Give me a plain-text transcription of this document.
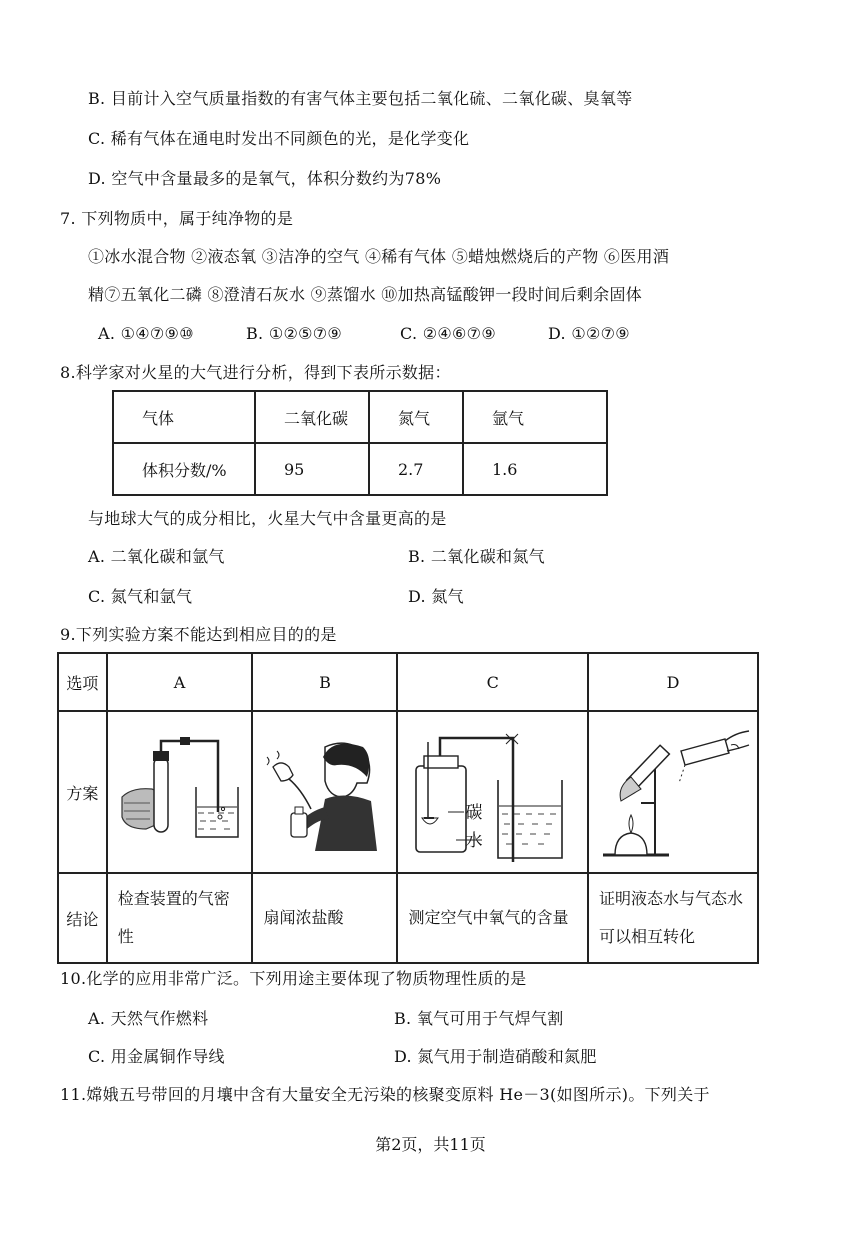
B. 目前计入空气质量指数的有害气体主要包括二氧化硫、二氧化碳、臭氧等
C. 稀有气体在通电时发出不同颜色的光，是化学变化
D. 空气中含量最多的是氧气，体积分数约为78%
7. 下列物质中，属于纯净物的是
①冰水混合物 ②液态氧 ③洁净的空气 ④稀有气体 ⑤蜡烛燃烧后的产物 ⑥医用酒
精⑦五氧化二磷 ⑧澄清石灰水 ⑨蒸馏水 ⑩加热高锰酸钾一段时间后剩余固体
A. ①④⑦⑨⑩	B. ①②⑤⑦⑨	C. ②④⑥⑦⑨	D. ①②⑦⑨
8.科学家对火星的大气进行分析，得到下表所示数据：
气体	二氧化碳	氮气	氩气
体积分数/%	95	2.7	1.6
与地球大气的成分相比，火星大气中含量更高的是
A. 二氧化碳和氩气	B. 二氧化碳和氮气
C. 氮气和氩气	D. 氮气
9.下列实验方案不能达到相应目的的是
选项	A	B	C	D
方案			碳
水

结论	检查装置的气密性	扇闻浓盐酸	测定空气中氧气的含量	证明液态水与气态水可以相互转化
10.化学的应用非常广泛。下列用途主要体现了物质物理性质的是
A. 天然气作燃料	B. 氧气可用于气焊气割
C. 用金属铜作导线	D. 氮气用于制造硝酸和氮肥
11.嫦娥五号带回的月壤中含有大量安全无污染的核聚变原料 He－3(如图所示)。下列关于
第2页，共11页
